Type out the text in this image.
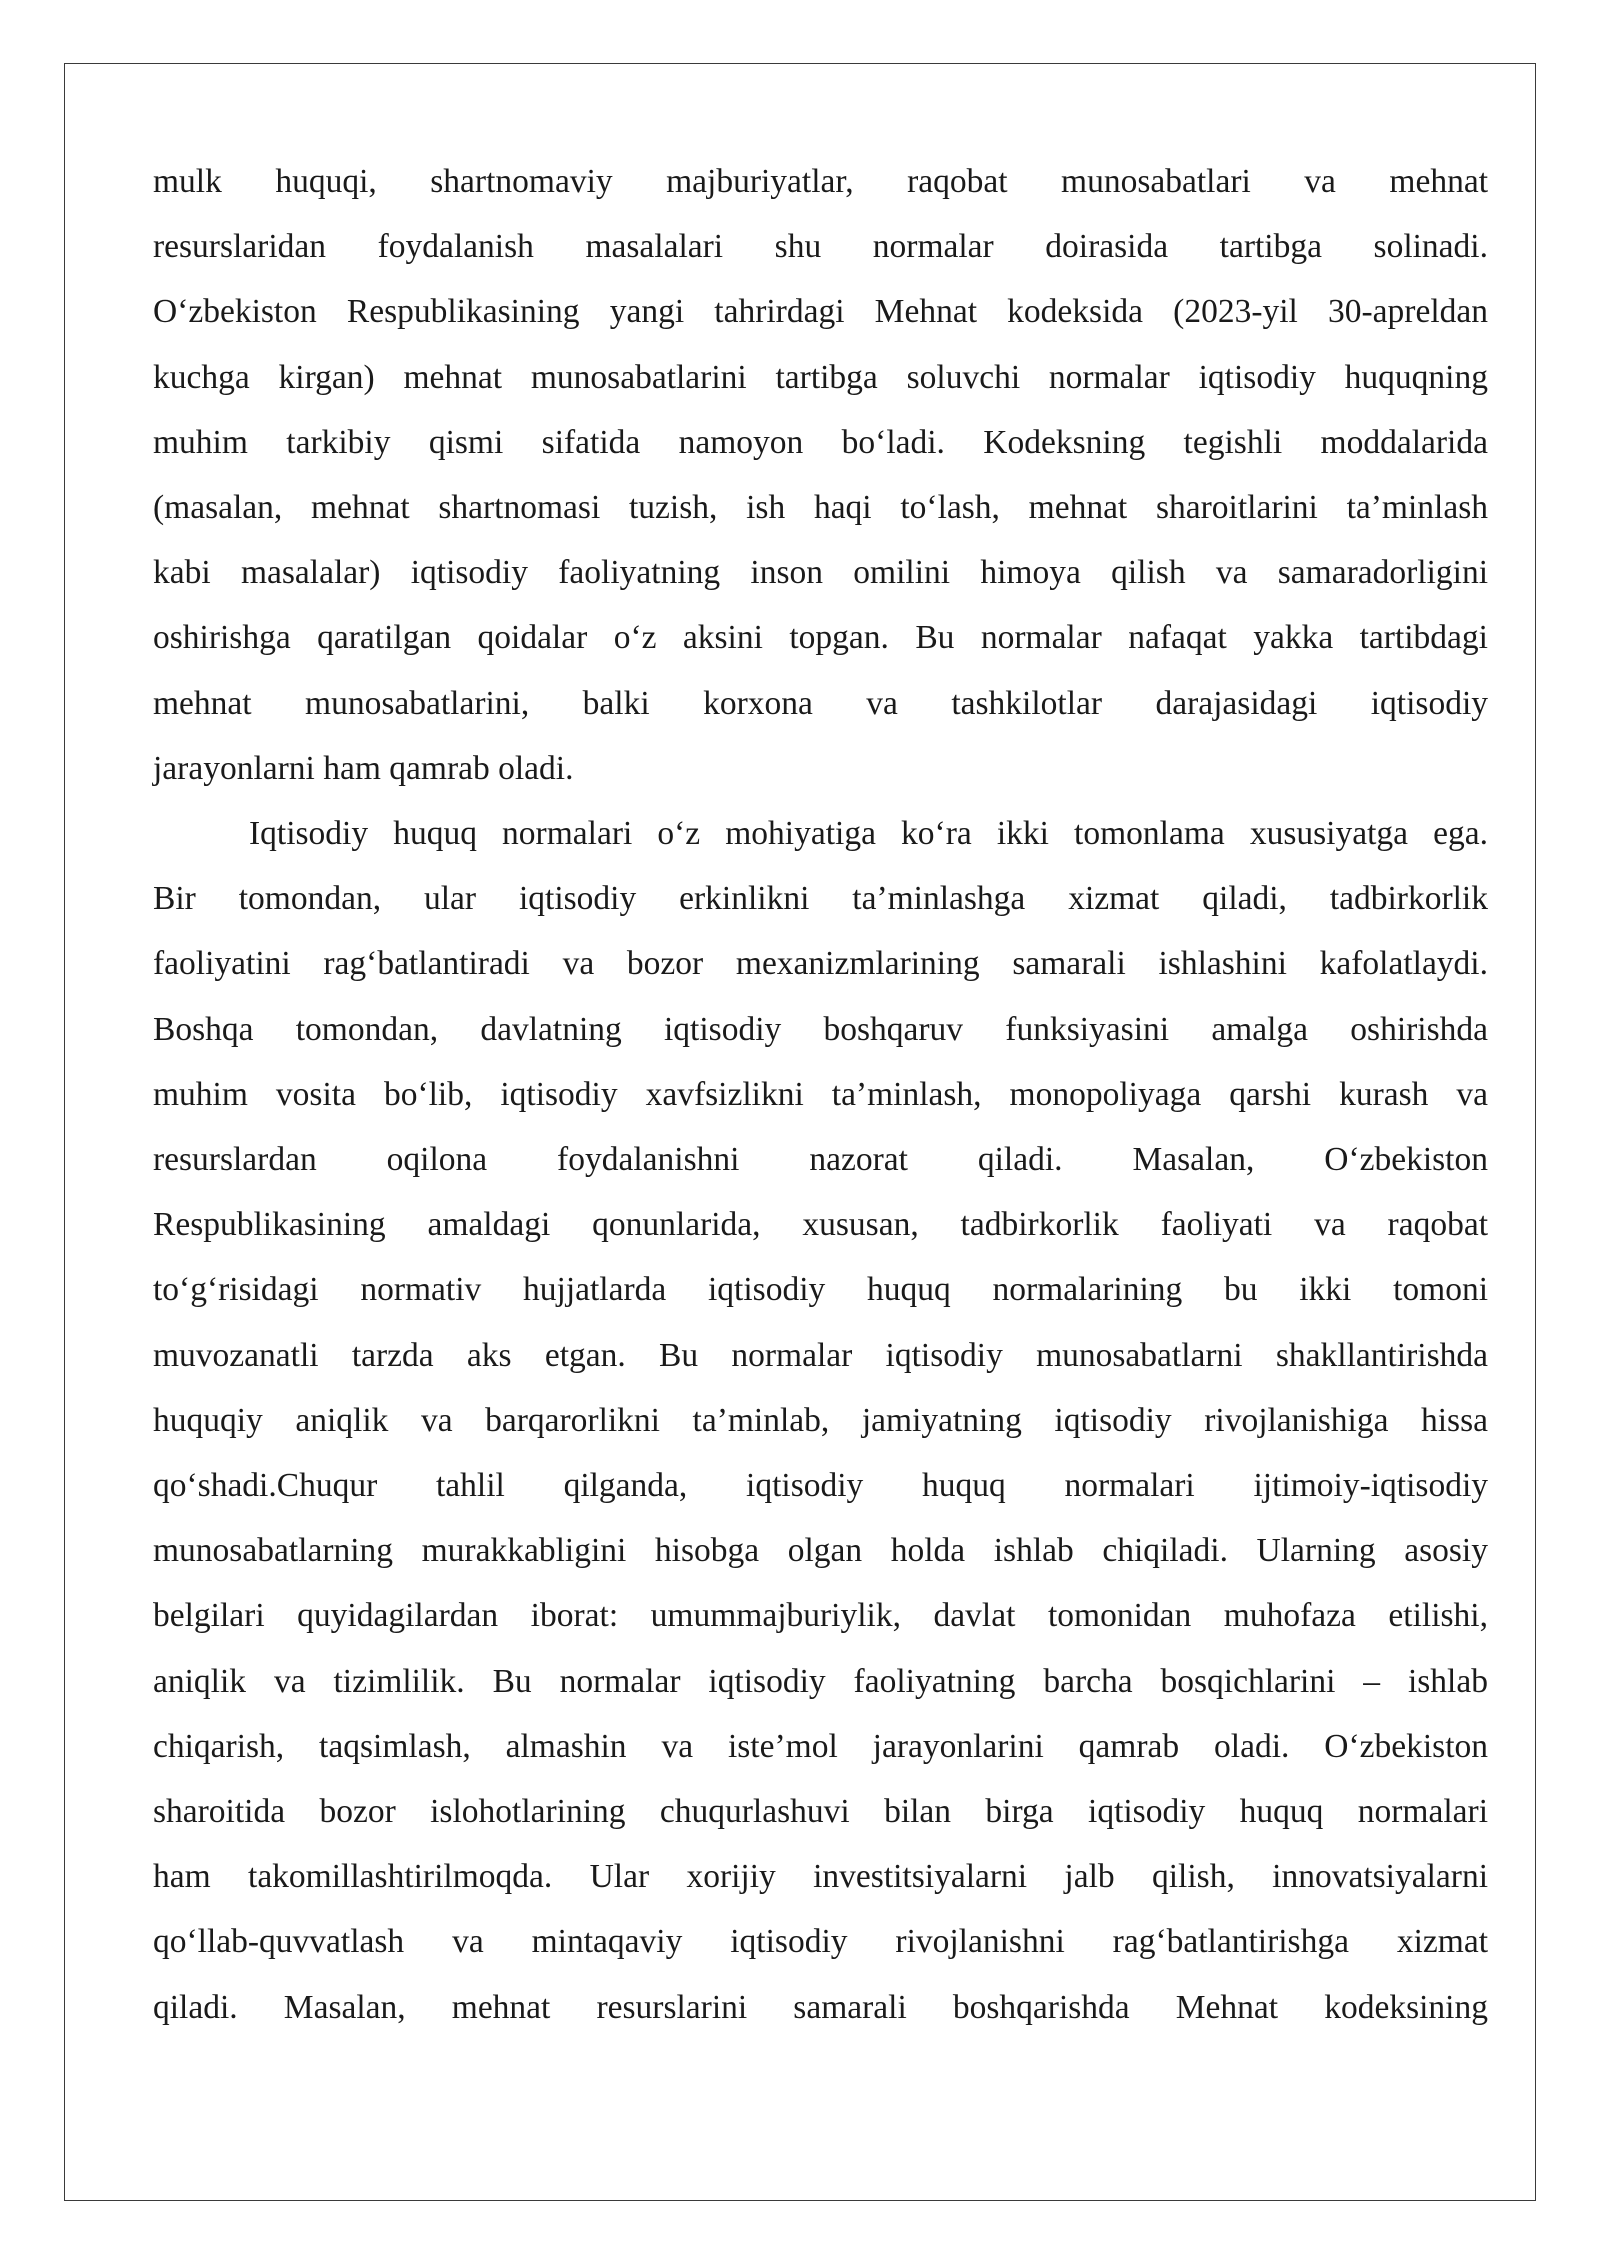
mulk huquqi, shartnomaviy majburiyatlar, raqobat munosabatlari va mehnat
resurslaridan foydalanish masalalari shu normalar doirasida tartibga solinadi.
O‘zbekiston Respublikasining yangi tahrirdagi Mehnat kodeksida (2023-yil 30-apreldan
kuchga kirgan) mehnat munosabatlarini tartibga soluvchi normalar iqtisodiy huquqning
muhim tarkibiy qismi sifatida namoyon bo‘ladi. Kodeksning tegishli moddalarida
(masalan, mehnat shartnomasi tuzish, ish haqi to‘lash, mehnat sharoitlarini ta’minlash
kabi masalalar) iqtisodiy faoliyatning inson omilini himoya qilish va samaradorligini
oshirishga qaratilgan qoidalar o‘z aksini topgan. Bu normalar nafaqat yakka tartibdagi
mehnat munosabatlarini, balki korxona va tashkilotlar darajasidagi iqtisodiy
jarayonlarni ham qamrab oladi.

Iqtisodiy huquq normalari o‘z mohiyatiga ko‘ra ikki tomonlama xususiyatga ega.
Bir tomondan, ular iqtisodiy erkinlikni ta’minlashga xizmat qiladi, tadbirkorlik
faoliyatini rag‘batlantiradi va bozor mexanizmlarining samarali ishlashini kafolatlaydi.
Boshqa tomondan, davlatning iqtisodiy boshqaruv funksiyasini amalga oshirishda
muhim vosita bo‘lib, iqtisodiy xavfsizlikni ta’minlash, monopoliyaga qarshi kurash va
resurslardan oqilona foydalanishni nazorat qiladi. Masalan, O‘zbekiston
Respublikasining amaldagi qonunlarida, xususan, tadbirkorlik faoliyati va raqobat
to‘g‘risidagi normativ hujjatlarda iqtisodiy huquq normalarining bu ikki tomoni
muvozanatli tarzda aks etgan. Bu normalar iqtisodiy munosabatlarni shakllantirishda
huquqiy aniqlik va barqarorlikni ta’minlab, jamiyatning iqtisodiy rivojlanishiga hissa
qo‘shadi.Chuqur tahlil qilganda, iqtisodiy huquq normalari ijtimoiy-iqtisodiy
munosabatlarning murakkabligini hisobga olgan holda ishlab chiqiladi. Ularning asosiy
belgilari quyidagilardan iborat: umummajburiylik, davlat tomonidan muhofaza etilishi,
aniqlik va tizimlilik. Bu normalar iqtisodiy faoliyatning barcha bosqichlarini – ishlab
chiqarish, taqsimlash, almashin va iste’mol jarayonlarini qamrab oladi. O‘zbekiston
sharoitida bozor islohotlarining chuqurlashuvi bilan birga iqtisodiy huquq normalari
ham takomillashtirilmoqda. Ular xorijiy investitsiyalarni jalb qilish, innovatsiyalarni
qo‘llab-quvvatlash va mintaqaviy iqtisodiy rivojlanishni rag‘batlantirishga xizmat
qiladi. Masalan, mehnat resurslarini samarali boshqarishda Mehnat kodeksining
